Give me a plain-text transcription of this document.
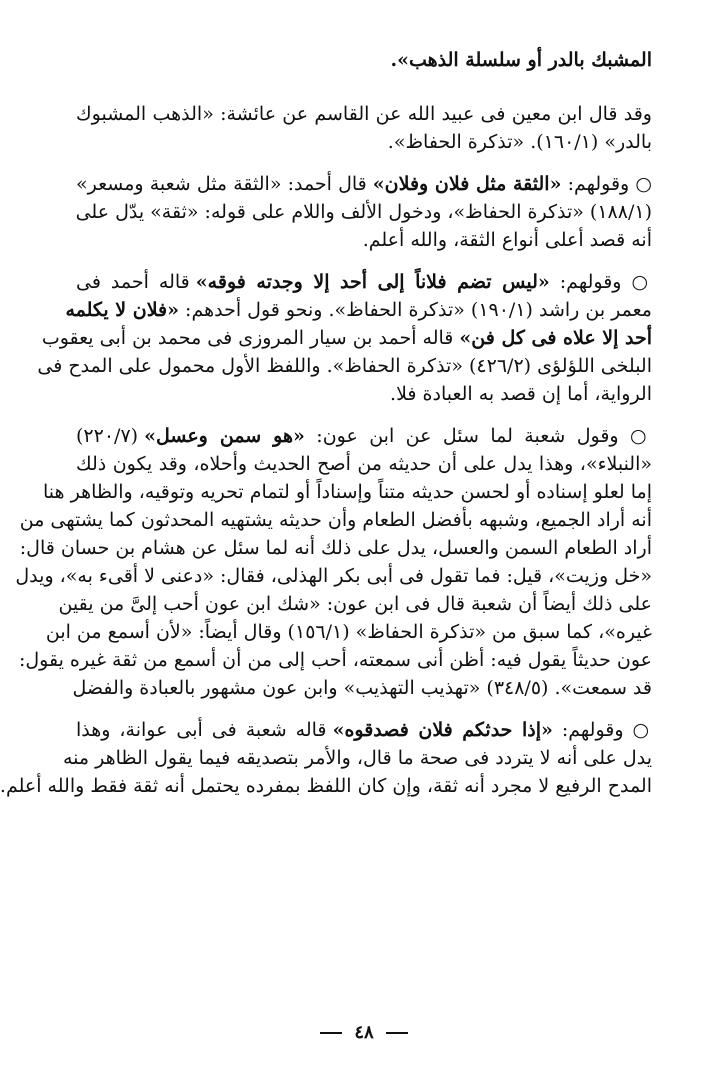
المشبك بالدر أو سلسلة الذهب».
وقد قال ابن معين فى عبيد الله عن القاسم عن عائشة: «الذهب المشبوك
بالدر» (١٦٠/١). «تذكرة الحفاظ».
○ وقولهم: «الثقة مثل فلان وفلان» قال أحمد: «الثقة مثل شعبة ومسعر»
(١٨٨/١) «تذكرة الحفاظ»، ودخول الألف واللام على قوله: «ثقة» يدّل على
أنه قصد أعلى أنواع الثقة، والله أعلم.
○ وقولهم: «ليس تضم فلاناً إلى أحد إلا وجدته فوقه» قاله أحمد فى
معمر بن راشد (١٩٠/١) «تذكرة الحفاظ». ونحو قول أحدهم: «فلان لا يكلمه
أحد إلا علاه فى كل فن» قاله أحمد بن سيار المروزى فى محمد بن أبى يعقوب
البلخى اللؤلؤى (٤٢٦/٢) «تذكرة الحفاظ». واللفظ الأول محمول على المدح فى
الرواية، أما إن قصد به العبادة فلا.
○ وقول شعبة لما سئل عن ابن عون: «هو سمن وعسل» (٢٢٠/٧)
«النبلاء»، وهذا يدل على أن حديثه من أصح الحديث وأحلاه، وقد يكون ذلك
إما لعلو إسناده أو لحسن حديثه متناً وإسناداً أو لتمام تحريه وتوقيه، والظاهر هنا
أنه أراد الجميع، وشبهه بأفضل الطعام وأن حديثه يشتهيه المحدثون كما يشتهى من
أراد الطعام السمن والعسل، يدل على ذلك أنه لما سئل عن هشام بن حسان قال:
«خل وزيت»، قيل: فما تقول فى أبى بكر الهذلى، فقال: «دعنى لا أقىء به»، ويدل
على ذلك أيضاً أن شعبة قال فى ابن عون: «شك ابن عون أحب إلىَّ من يقين
غيره»، كما سبق من «تذكرة الحفاظ» (١٥٦/١) وقال أيضاً: «لأن أسمع من ابن
عون حديثاً يقول فيه: أظن أنى سمعته، أحب إلى من أن أسمع من ثقة غيره يقول:
قد سمعت». (٣٤٨/٥) «تهذيب التهذيب» وابن عون مشهور بالعبادة والفضل
○ وقولهم: «إذا حدثكم فلان فصدقوه» قاله شعبة فى أبى عوانة، وهذا
يدل على أنه لا يتردد فى صحة ما قال، والأمر بتصديقه فيما يقول الظاهر منه
المدح الرفيع لا مجرد أنه ثقة، وإن كان اللفظ بمفرده يحتمل أنه ثقة فقط والله أعلم.
٤٨
